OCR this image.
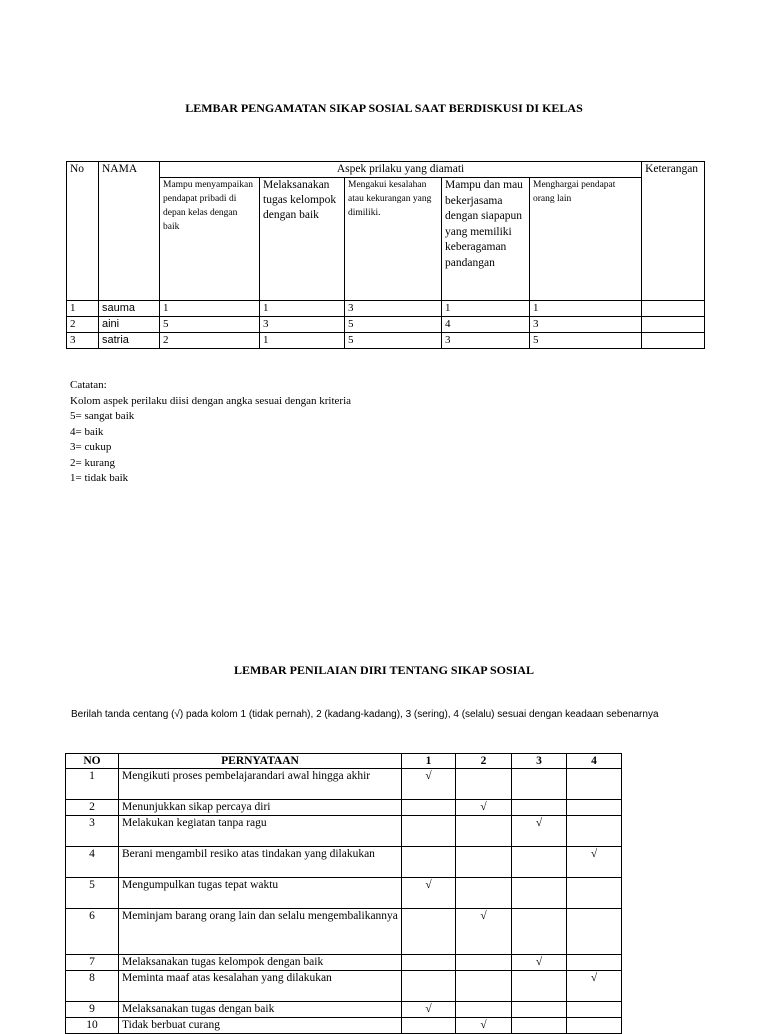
LEMBAR PENGAMATAN SIKAP SOSIAL SAAT BERDISKUSI DI KELAS
No	NAMA	Aspek prilaku yang diamati					Keterangan
		Mampu menyampaikan pendapat pribadi di depan kelas dengan baik	Melaksanakan tugas kelompok dengan baik	Mengakui kesalahan atau kekurangan yang dimiliki.	Mampu dan mau bekerjasama dengan siapapun yang memiliki keberagaman pandangan	Menghargai pendapat orang lain	
1	sauma	1	1	3	1	1	
2	aini	5	3	5	4	3	
3	satria	2	1	5	3	5	
Catatan:
Kolom aspek perilaku diisi dengan angka sesuai dengan kriteria
5= sangat baik
4= baik
3= cukup
2= kurang
1= tidak baik
LEMBAR PENILAIAN DIRI TENTANG SIKAP SOSIAL
Berilah tanda centang (√) pada kolom 1 (tidak pernah), 2 (kadang-kadang), 3 (sering), 4 (selalu) sesuai dengan keadaan sebenarnya
NO	PERNYATAAN	1	2	3	4
1	Mengikuti proses pembelajarandari awal hingga akhir	√			
2	Menunjukkan sikap percaya diri		√		
3	Melakukan kegiatan tanpa ragu			√	
4	Berani mengambil resiko atas tindakan yang dilakukan				√
5	Mengumpulkan tugas tepat waktu	√			
6	Meminjam barang orang lain dan selalu mengembalikannya		√		
7	Melaksanakan tugas kelompok dengan baik			√	
8	Meminta maaf atas kesalahan yang dilakukan				√
9	Melaksanakan tugas dengan baik	√			
10	Tidak berbuat curang		√		
